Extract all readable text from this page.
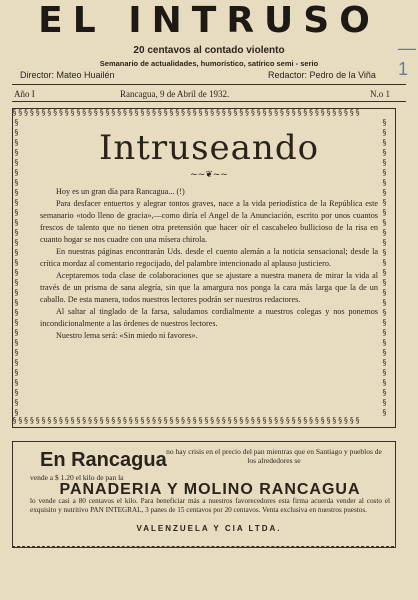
EL INTRUSO
20 centavos al contado violento
Semanario de actualidades, humorístico, satírico semi - serio
Director: Mateo Huailén	Redactor: Pedro de la Viña
—1
Año I	Rancagua, 9 de Abril de 1932.	N.o 1
§§§§§§§§§§§§§§§§§§§§§§§§§§§§§§§§§§§§§§§§§§§§§§§§§§§§§§§§§§§§
§
§
§
§
§
§
§
§
§
§
§
§
§
§
§
§
§
§
§
§
§
§
§
§
§
§
§
§
§
§
§
§
§
§
§
§
§
§
§
§
§
§
§
§
§
§
§
§
§
§
§
§
§
§
§
§
§
§
§
§
§§§§§§§§§§§§§§§§§§§§§§§§§§§§§§§§§§§§§§§§§§§§§§§§§§§§§§§§§§§§
Intruseando
~~❦~~

Hoy es un gran día para Rancagua... (!)

Para desfacer entuertos y alegrar tontos graves, nace a la vida periodística de la República este semanario «todo lleno de gracia»,—como diría el Angel de la Anunciación, escrito por unos cuantos frescos de talento que no tienen otra pretensión que hacer oír el cascabeleo bullicioso de la risa en cuanto hogar se nos cuadre con una mísera chirola.

En nuestras páginas encontrarán Uds. desde el cuento alemán a la noticia sensacional; desde la crítica mordaz al comentario regocijado, del palambre intencionado al aplauso justiciero.

Aceptaremos toda clase de colaboraciones que se ajustare a nuestra manera de mirar la vida al través de un prisma de sana alegría, sin que la amargura nos ponga la cara más larga que la de un caballo. De esta manera, todos nuestros lectores podrán ser nuestros redactores.

Al saltar al tinglado de la farsa, saludamos cordialmente a nuestros colegas y nos ponemos incondicionalmente a las órdenes de nuestros lectores.

Nuestro lema será: «Sin miedo ni favores».

En Rancagua no hay crisis en el precio del pan mientras que en Santiago y pueblos de los alrededores se
vende a $ 1.20 el kilo de pan la
PANADERIA Y MOLINO RANCAGUA
lo vende casi a 80 centavos el kilo. Para beneficiar más a nuestros favorecedores esta firma acuerda vender al costo el exquisito y nutritivo PAN INTEGRAL, 3 panes de 15 centavos por 20 centavos. Venta exclusiva en nuestros puestos.
VALENZUELA Y CIA LTDA.
